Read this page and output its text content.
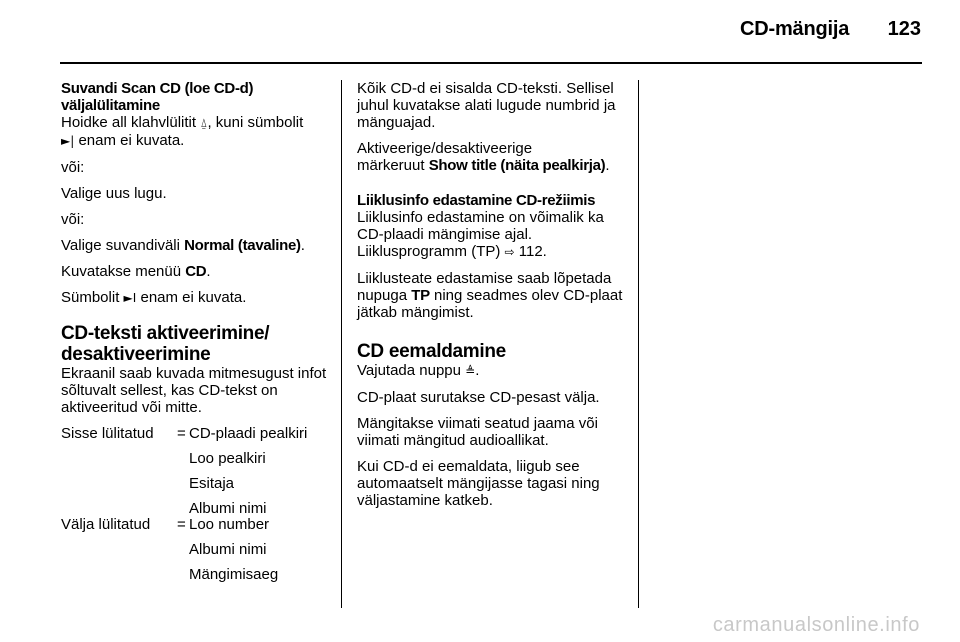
CD-mängija 123
Suvandi Scan CD (loe CD-d)
väljalülitamine

Hoidke all klahvlülitit ⍙, kuni sümbolit
►| enam ei kuvata.

või:

Valige uus lugu.

või:

Valige suvandiväli Normal (tavaline).

Kuvatakse menüü CD.

Sümbolit ►I enam ei kuvata.

CD-teksti aktiveerimine/
desaktiveerimine
Ekraanil saab kuvada mitmesugust infot sõltuvalt sellest, kas CD-tekst on aktiveeritud või mitte.
Sisse lülitatud	= CD-plaadi pealkiri
Loo pealkiri
Esitaja
Albumi nimi
Välja lülitatud	= Loo number
Albumi nimi
Mängimisaeg

Kõik CD-d ei sisalda CD-teksti. Sellisel juhul kuvatakse alati lugude numbrid ja mänguajad.

Aktiveerige/desaktiveerige
märkeruut Show title (näita pealkirja).

Liiklusinfo edastamine CD-režiimis
Liiklusinfo edastamine on võimalik ka CD-plaadi mängimise ajal.

Liiklusprogramm (TP) ⇨ 112.

Liiklusteate edastamise saab lõpetada nupuga TP ning seadmes olev CD-plaat jätkab mängimist.

CD eemaldamine

Vajutada nuppu ≜.

CD-plaat surutakse CD-pesast välja.

Mängitakse viimati seatud jaama või viimati mängitud audioallikat.

Kui CD-d ei eemaldata, liigub see automaatselt mängijasse tagasi ning väljastamine katkeb.

carmanualsonline.info
